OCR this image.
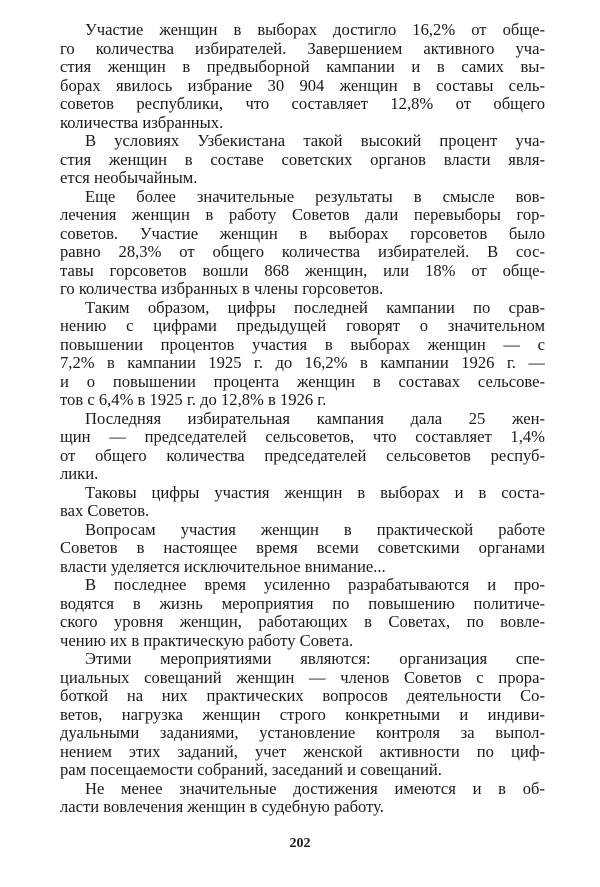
Участие женщин в выборах достигло 16,2% от обще-
го количества избирателей. Завершением активного уча-
стия женщин в предвыборной кампании и в самих вы-
борах явилось избрание 30 904 женщин в составы сель-
советов республики, что составляет 12,8% от общего
количества избранных.
В условиях Узбекистана такой высокий процент уча-
стия женщин в составе советских органов власти явля-
ется необычайным.
Еще более значительные результаты в смысле вов-
лечения женщин в работу Советов дали перевыборы гор-
советов. Участие женщин в выборах горсоветов было
равно 28,3% от общего количества избирателей. В сос-
тавы горсоветов вошли 868 женщин, или 18% от обще-
го количества избранных в члены горсоветов.
Таким образом, цифры последней кампании по срав-
нению с цифрами предыдущей говорят о значительном
повышении процентов участия в выборах женщин — с
7,2% в кампании 1925 г. до 16,2% в кампании 1926 г. —
и о повышении процента женщин в составах сельсове-
тов с 6,4% в 1925 г. до 12,8% в 1926 г.
Последняя избирательная кампания дала 25 жен-
щин — председателей сельсоветов, что составляет 1,4%
от общего количества председателей сельсоветов респуб-
лики.
Таковы цифры участия женщин в выборах и в соста-
вах Советов.
Вопросам участия женщин в практической работе
Советов в настоящее время всеми советскими органами
власти уделяется исключительное внимание...
В последнее время усиленно разрабатываются и про-
водятся в жизнь мероприятия по повышению политиче-
ского уровня женщин, работающих в Советах, по вовле-
чению их в практическую работу Совета.
Этими мероприятиями являются: организация спе-
циальных совещаний женщин — членов Советов с прора-
боткой на них практических вопросов деятельности Со-
ветов, нагрузка женщин строго конкретными и индиви-
дуальными заданиями, установление контроля за выпол-
нением этих заданий, учет женской активности по циф-
рам посещаемости собраний, заседаний и совещаний.
Не менее значительные достижения имеются и в об-
ласти вовлечения женщин в судебную работу.
202
